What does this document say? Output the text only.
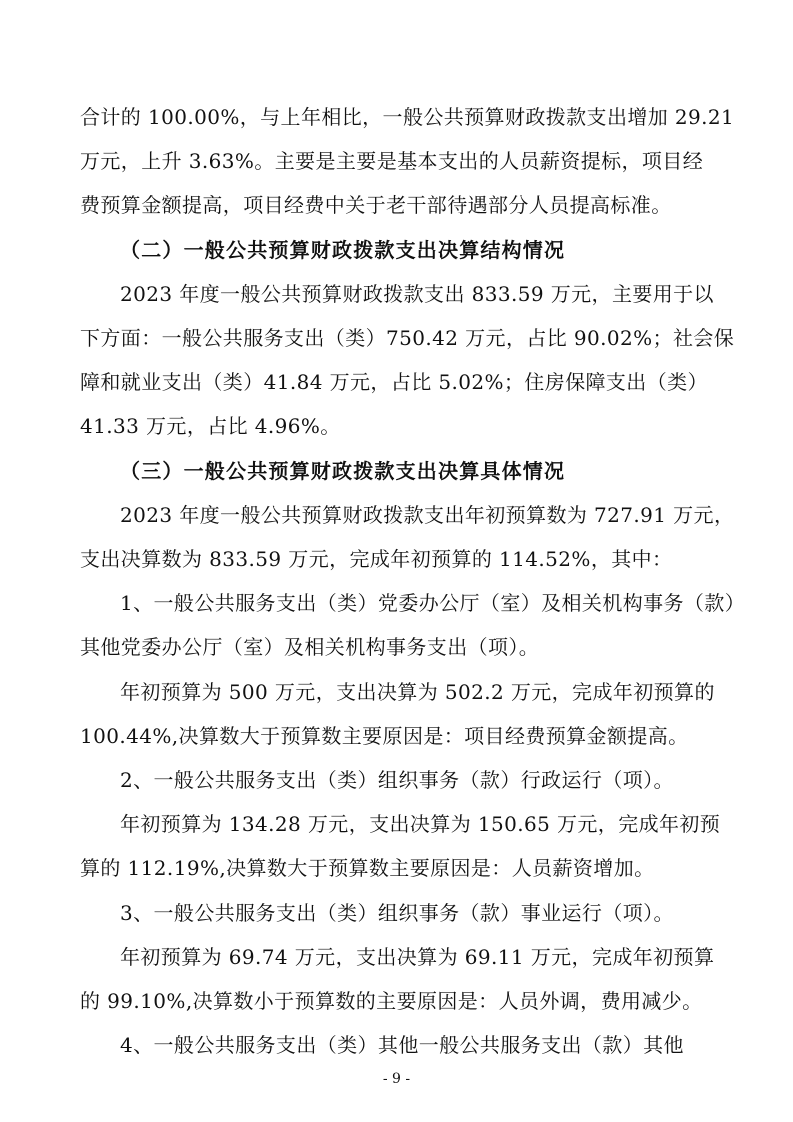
合计的 100.00%，与上年相比，一般公共预算财政拨款支出增加 29.21
万元，上升 3.63%。主要是主要是基本支出的人员薪资提标，项目经
费预算金额提高，项目经费中关于老干部待遇部分人员提高标准。
（二）一般公共预算财政拨款支出决算结构情况
2023 年度一般公共预算财政拨款支出 833.59 万元，主要用于以
下方面：一般公共服务支出（类）750.42 万元，占比 90.02%；社会保
障和就业支出（类）41.84 万元，占比 5.02%；住房保障支出（类）
41.33 万元，占比 4.96%。
（三）一般公共预算财政拨款支出决算具体情况
2023 年度一般公共预算财政拨款支出年初预算数为 727.91 万元，
支出决算数为 833.59 万元，完成年初预算的 114.52%，其中：
1、一般公共服务支出（类）党委办公厅（室）及相关机构事务（款）
其他党委办公厅（室）及相关机构事务支出（项）。
年初预算为 500 万元，支出决算为 502.2 万元，完成年初预算的
100.44%,决算数大于预算数主要原因是：项目经费预算金额提高。
2、一般公共服务支出（类）组织事务（款）行政运行（项）。
年初预算为 134.28 万元，支出决算为 150.65 万元，完成年初预
算的 112.19%,决算数大于预算数主要原因是：人员薪资增加。
3、一般公共服务支出（类）组织事务（款）事业运行（项）。
年初预算为 69.74 万元，支出决算为 69.11 万元，完成年初预算
的 99.10%,决算数小于预算数的主要原因是：人员外调，费用减少。
4、一般公共服务支出（类）其他一般公共服务支出（款）其他
- 9 -
